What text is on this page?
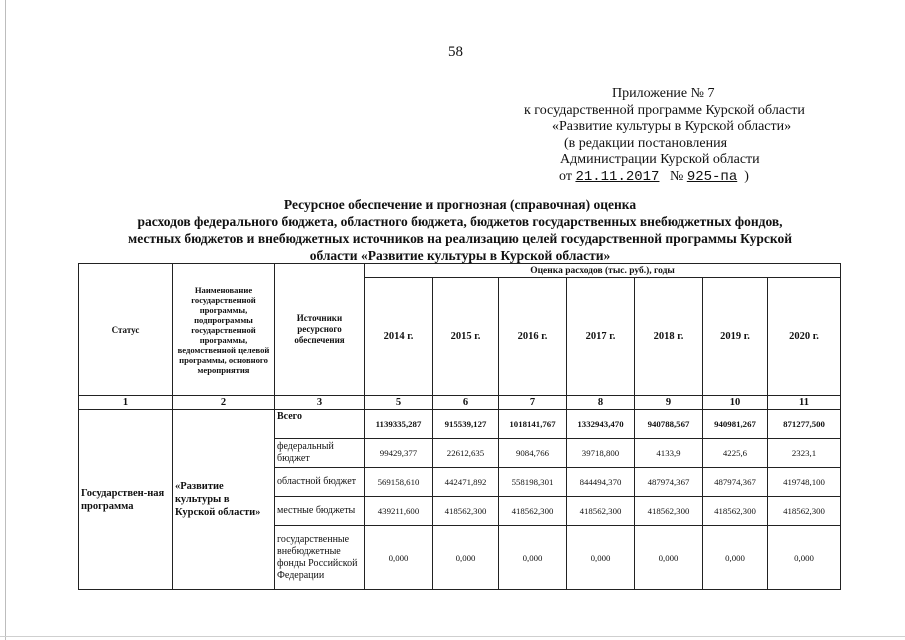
58
Приложение № 7
к государственной программе Курской области
«Развитие культуры в Курской области»
(в редакции постановления
Администрации Курской области
от 21.11.2017 № 925-па )
Ресурсное обеспечение и прогнозная (справочная) оценка
расходов федерального бюджета, областного бюджета, бюджетов государственных внебюджетных фондов,
местных бюджетов и внебюджетных источников на реализацию целей государственной программы Курской
области «Развитие культуры в Курской области»
Статус	Наименование государственной программы, подпрограммы государственной программы, ведомственной целевой программы, основного мероприятия	Источники ресурсного обеспечения	Оценка расходов (тыс. руб.), годы						
			2014 г.	2015 г.	2016 г.	2017 г.	2018 г.	2019 г.	2020 г.
1	2	3	5	6	7	8	9	10	11
Государствен-ная программа	«Развитие культуры в Курской области»	Всего	1139335,287	915539,127	1018141,767	1332943,470	940788,567	940981,267	871277,500
		федеральный бюджет	99429,377	22612,635	9084,766	39718,800	4133,9	4225,6	2323,1
		областной бюджет	569158,610	442471,892	558198,301	844494,370	487974,367	487974,367	419748,100
		местные бюджеты	439211,600	418562,300	418562,300	418562,300	418562,300	418562,300	418562,300
		государственные внебюджетные фонды Российской Федерации	0,000	0,000	0,000	0,000	0,000	0,000	0,000
